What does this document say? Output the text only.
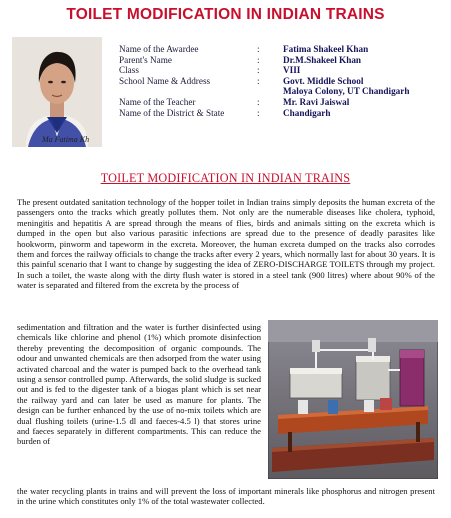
TOILET MODIFICATION IN INDIAN TRAINS
Ma Fatima Kh
Name of the Awardee	:	Fatima Shakeel Khan
Parent's Name	:	Dr.M.Shakeel Khan
Class	:	VIII
School Name & Address	:	Govt. Middle School
Maloya Colony, UT Chandigarh
Name of the Teacher	:	Mr. Ravi Jaiswal
Name of the District & State	:	Chandigarh
TOILET MODIFICATION IN INDIAN TRAINS

The present outdated sanitation technology of the hopper toilet in Indian trains simply deposits the human excreta of the passengers onto the tracks which greatly pollutes them. Not only are the numerable diseases like cholera, typhoid, meningitis and hepatitis A are spread through the means of flies, birds and animals sitting on the excreta which is dumped in the open but also various parasitic infections are spread due to the presence of deadly parasites like hookworm, pinworm and tapeworm in the excreta. Moreover, the human excreta dumped on the tracks also corrodes them and forces the railway officials to change the tracks after every 2 years, which normally last for about 30 years. It is this painful scenario that I want to change by suggesting the idea of ZERO-DISCHARGE TOILETS through my project. In such a toilet, the waste along with the dirty flush water is stored in a steel tank (900 litres) where about 90% of the water is separated and filtered from the excreta by the process of

sedimentation and filtration and the water is further disinfected using chemicals like chlorine and phenol (1%) which promote disinfection thereby preventing the decomposition of organic compounds. The odour and unwanted chemicals are then adsorped from the water using activated charcoal and the water is pumped back to the overhead tank using a sensor controlled pump. Afterwards, the solid sludge is sucked out and is fed to the digester tank of a biogas plant which is set near the railway yard and can later be used as manure for plants. The design can be further enhanced by the use of no-mix toilets which are dual flushing toilets (urine-1.5 dl and faeces-4.5 l) that stores urine and faeces separately in different compartments. This can reduce the burden of

the water recycling plants in trains and will prevent the loss of important minerals like phosphorus and nitrogen present in the urine which constitutes only 1% of the total wastewater collected.
